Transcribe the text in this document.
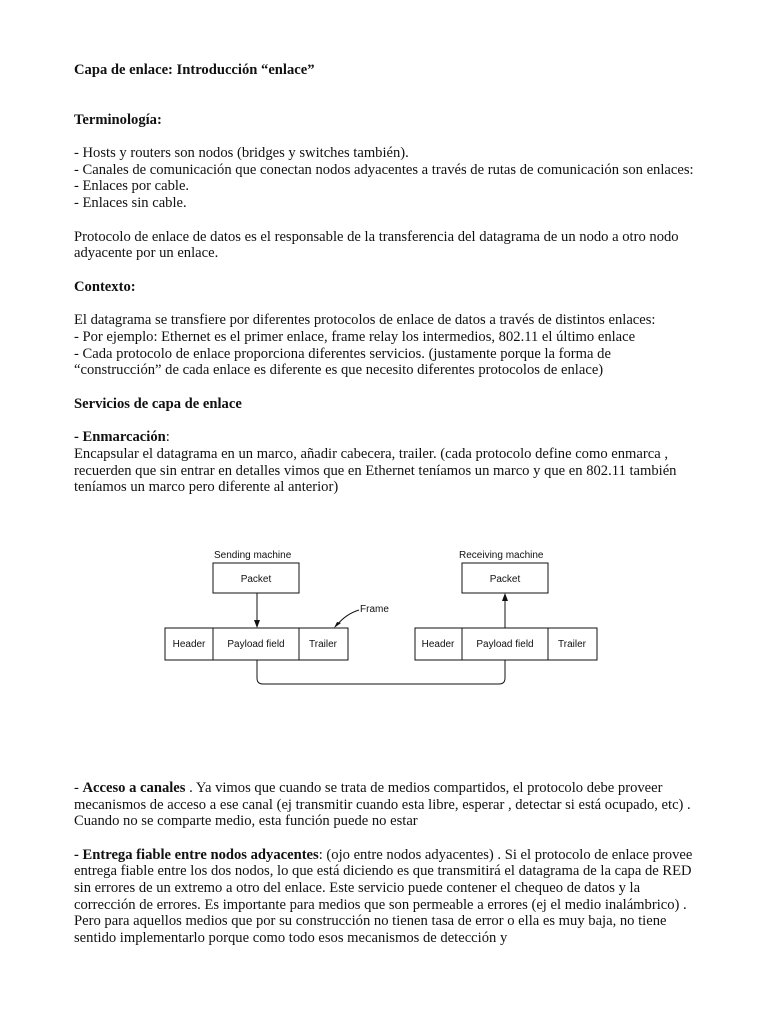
Capa de enlace: Introducción “enlace”

Terminología:

- Hosts y routers son nodos (bridges y switches también).

- Canales de comunicación que conectan nodos adyacentes a través de rutas de comunicación son enlaces:

- Enlaces por cable.

- Enlaces sin cable.

Protocolo de enlace de datos es el responsable de la transferencia del datagrama de un nodo a otro nodo adyacente por un enlace.

Contexto:

El datagrama se transfiere por diferentes protocolos de enlace de datos a través de distintos enlaces:

- Por ejemplo: Ethernet es el primer enlace, frame relay los intermedios, 802.11 el último enlace

- Cada protocolo de enlace proporciona diferentes servicios. (justamente porque la forma de “construcción” de cada enlace es diferente es que necesito diferentes protocolos de enlace)

Servicios de capa de enlace

- Enmarcación:

Encapsular el datagrama en un marco, añadir cabecera, trailer. (cada protocolo define como enmarca , recuerden que sin entrar en detalles vimos que en Ethernet teníamos un marco y que en 802.11 también teníamos un marco pero diferente al anterior)

Sending machine	Receiving machine
Packet	Packet
Frame
Header Payload field Trailer	Header Payload field Trailer

- Acceso a canales . Ya vimos que cuando se trata de medios compartidos, el protocolo debe proveer mecanismos de acceso a ese canal (ej transmitir cuando esta libre, esperar , detectar si está ocupado, etc) . Cuando no se comparte medio, esta función puede no estar

- Entrega fiable entre nodos adyacentes: (ojo entre nodos adyacentes) . Si el protocolo de enlace provee entrega fiable entre los dos nodos, lo que está diciendo es que transmitirá el datagrama de la capa de RED sin errores de un extremo a otro del enlace. Este servicio puede contener el chequeo de datos y la corrección de errores. Es importante para medios que son permeable a errores (ej el medio inalámbrico) . Pero para aquellos medios que por su construcción no tienen tasa de error o ella es muy baja, no tiene sentido implementarlo porque como todo esos mecanismos de detección y
